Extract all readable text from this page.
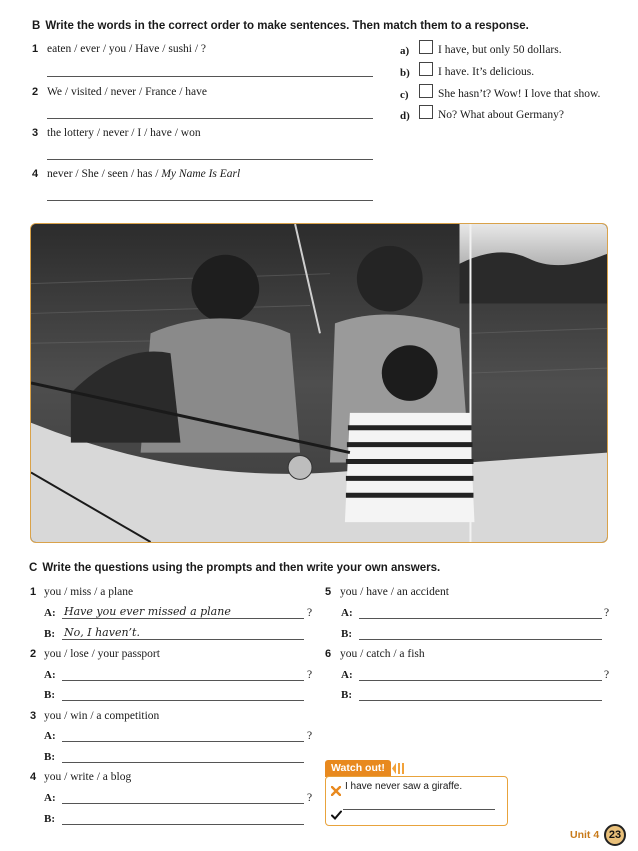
B Write the words in the correct order to make sentences. Then match them to a response.
1 eaten / ever / you / Have / sushi / ?
2 We / visited / never / France / have
3 the lottery / never / I / have / won
4 never / She / seen / has / My Name Is Earl
a)	I have, but only 50 dollars.
b) I have. It’s delicious.
c)	She hasn’t? Wow! I love that show.
d) No? What about Germany?
C Write the questions using the prompts and then write your own answers.
1 you / miss / a plane
A: Have you ever missed a plane	?
B: No, I haven’t.
2 you / lose / your passport
A:	?
B:
3 you / win / a competition
A:	?
B:
4 you / write / a blog
A:	?
B:
5 you / have / an accident
A:	?
B:
6 you / catch / a fish
A:	?
B:
Watch out!
I have never saw a giraffe.
Unit 4 23
